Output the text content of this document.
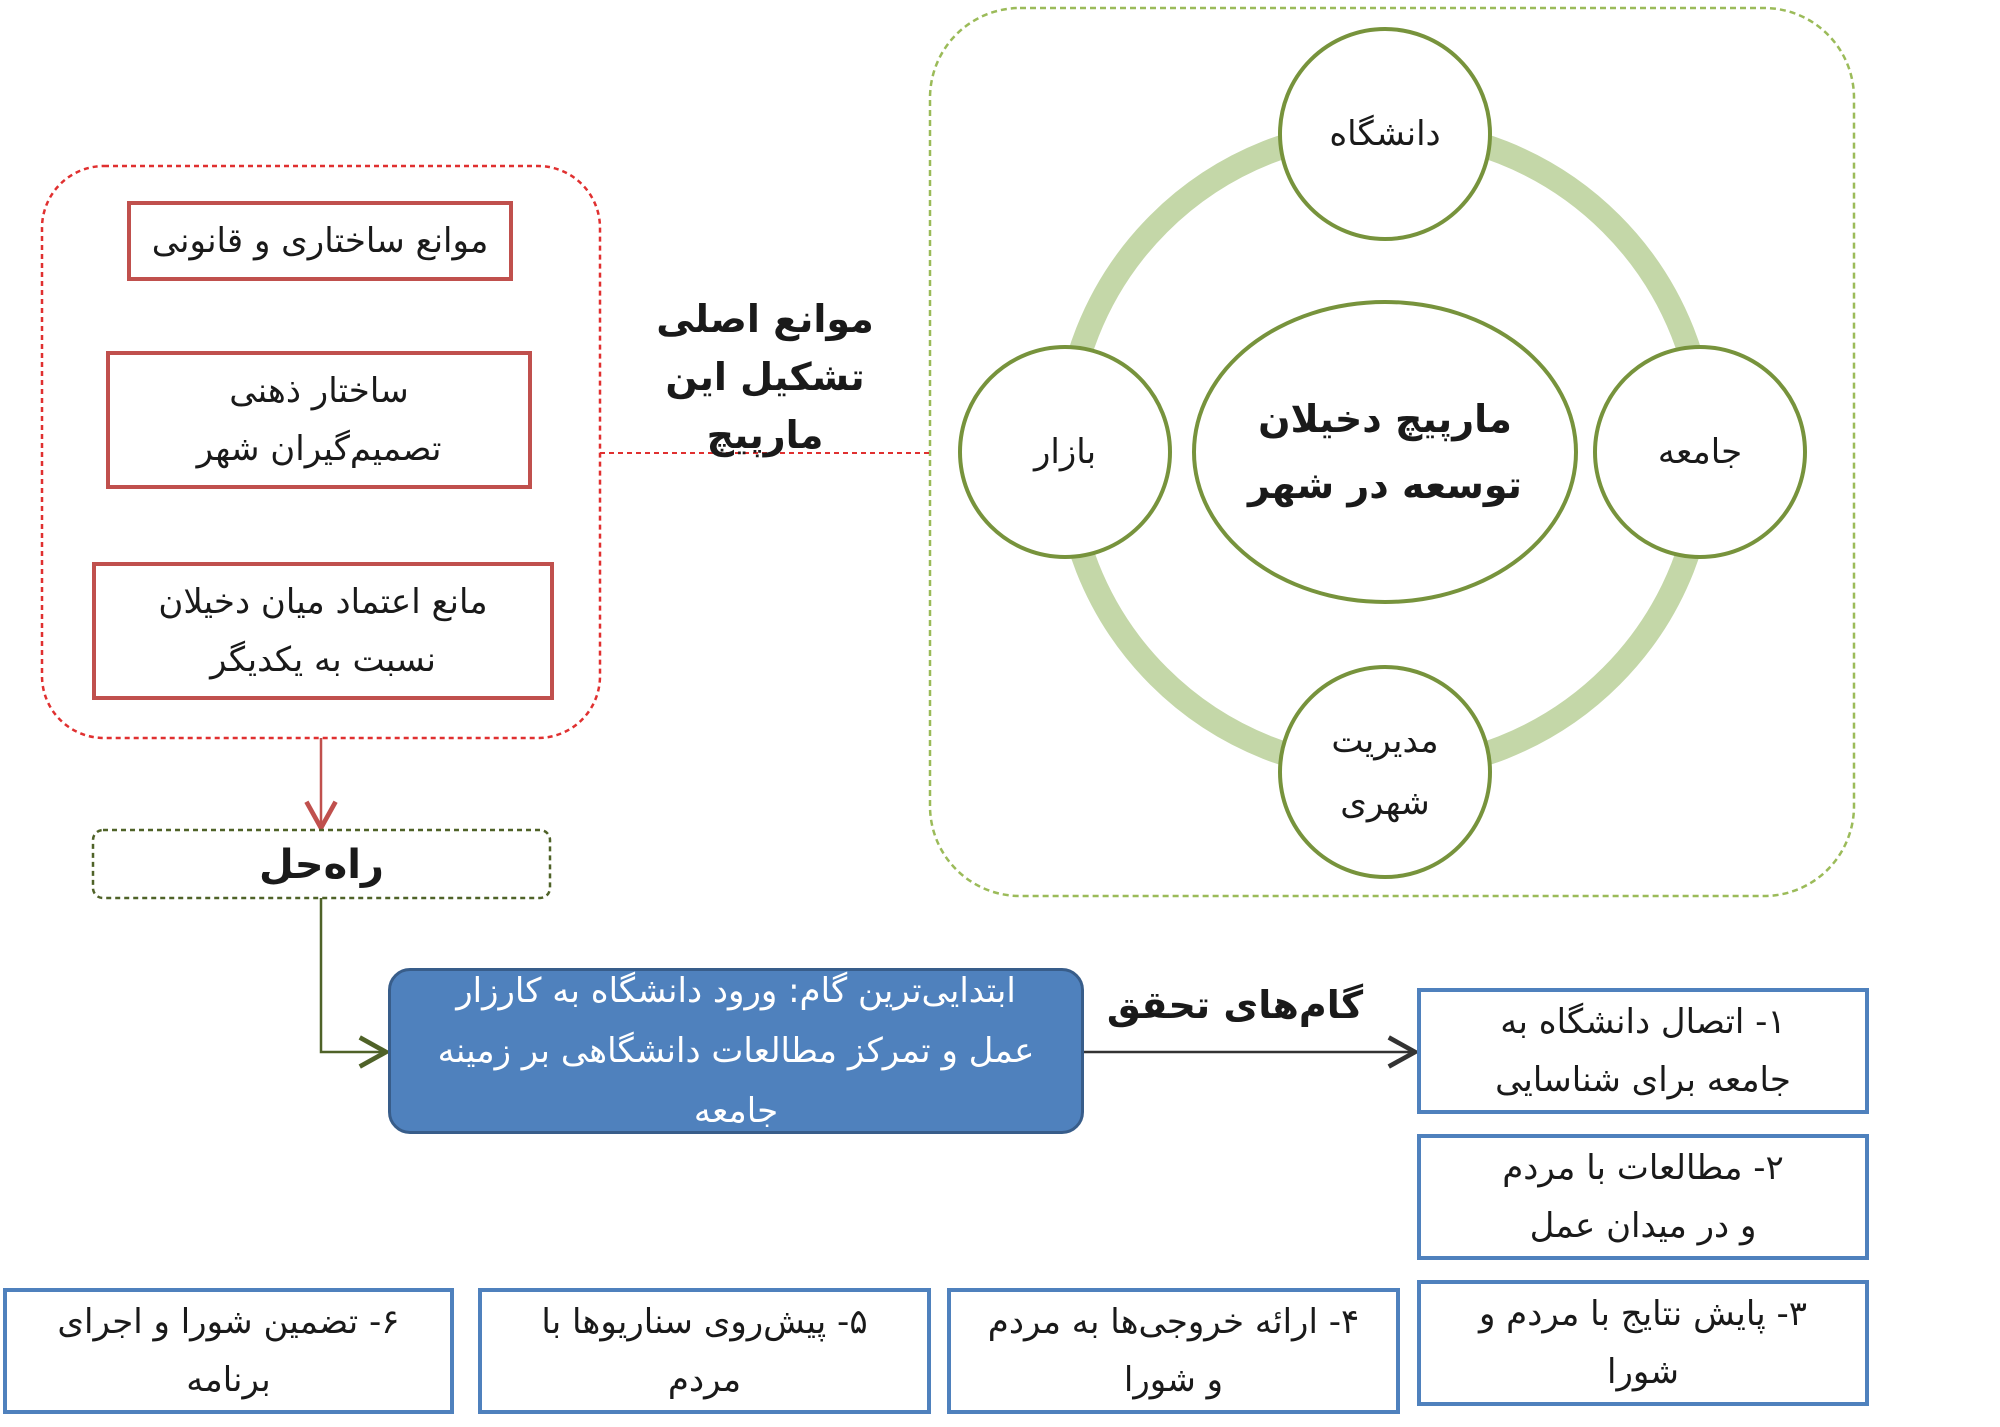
مارپیچ دخیلان توسعه در شهر
دانشگاه
جامعه
بازار
مدیریت شهری
موانع اصلی تشکیل این مارپیچ
موانع ساختاری و قانونی
ساختار ذهنی تصمیم‌گیران شهر
مانع اعتماد میان دخیلان نسبت به یکدیگر
راه‌حل
ابتدایی‌ترین گام: ورود دانشگاه به کارزار عمل و تمرکز مطالعات دانشگاهی بر زمینه جامعه
گام‌های تحقق	۱- اتصال دانشگاه به جامعه برای شناسایی
۲- مطالعات با مردم و در میدان عمل
۳- پایش نتایج با مردم و شورا
۴- ارائه خروجی‌ها به مردم و شورا
۵- پیش‌روی سناریوها با مردم
۶- تضمین شورا و اجرای برنامه
